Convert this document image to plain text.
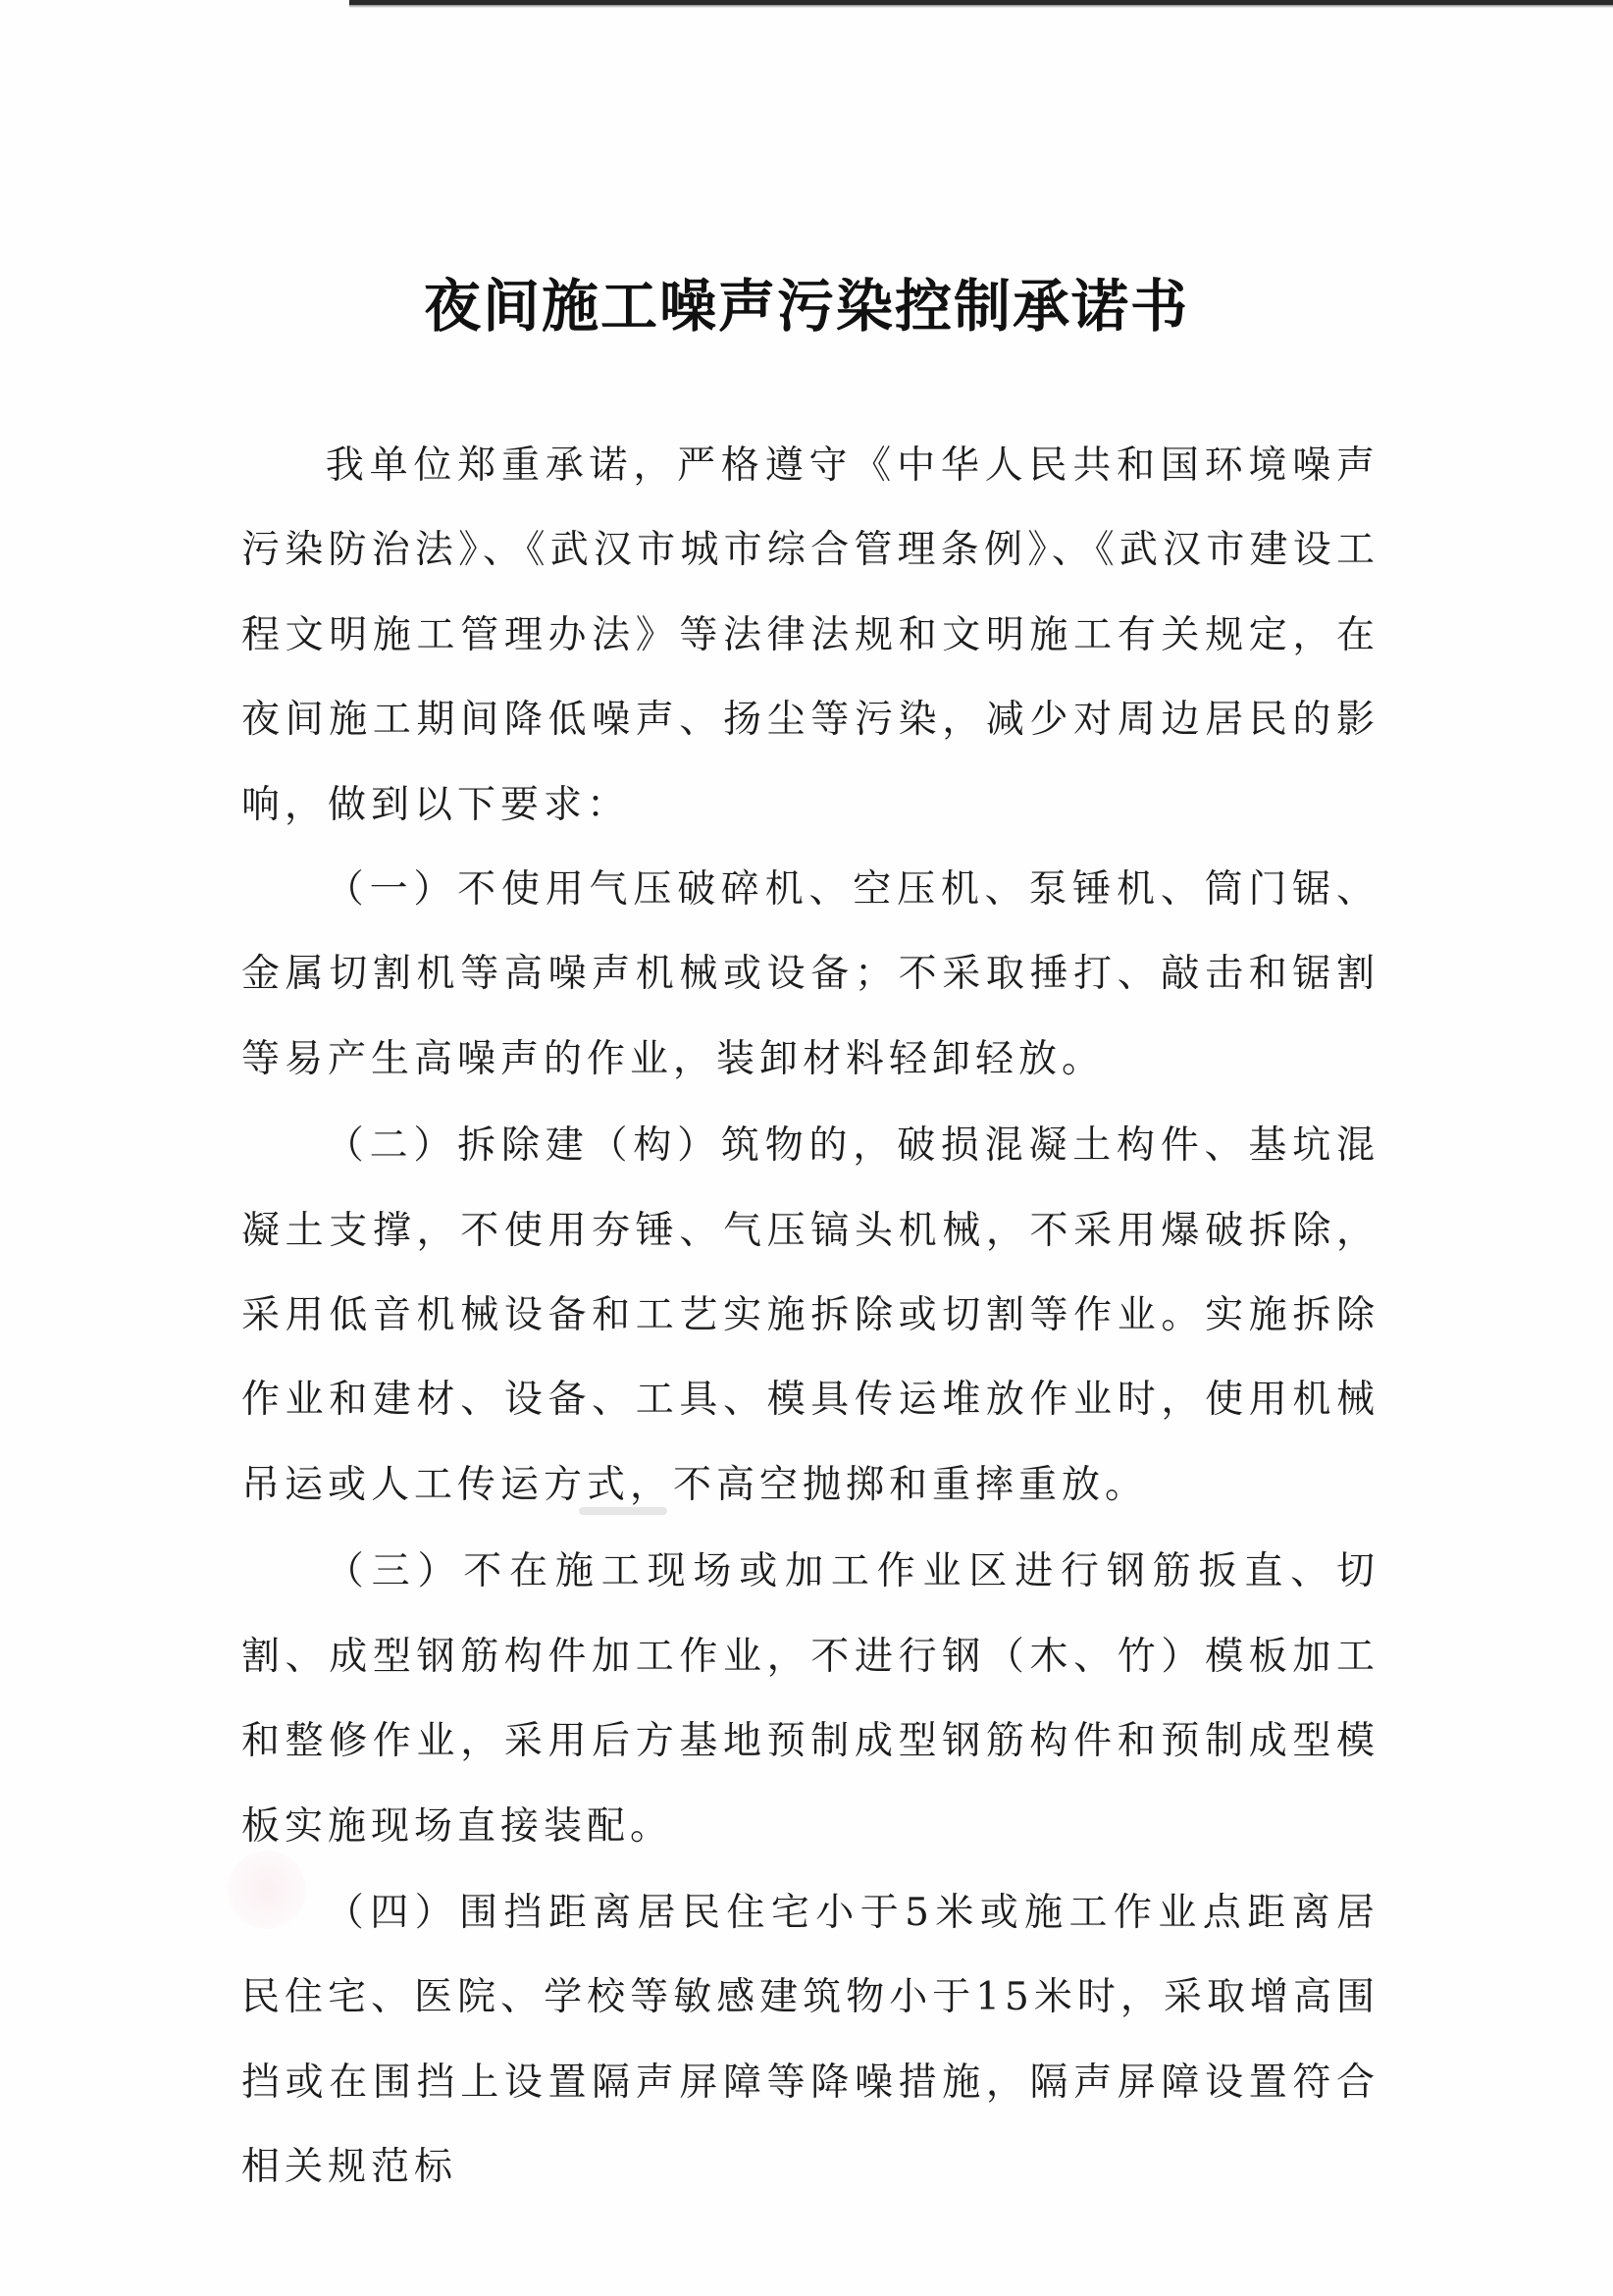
夜间施工噪声污染控制承诺书

我单位郑重承诺，严格遵守《中华人民共和国环境噪声污染防治法》、《武汉市城市综合管理条例》、《武汉市建设工程文明施工管理办法》等法律法规和文明施工有关规定，在夜间施工期间降低噪声、扬尘等污染，减少对周边居民的影响，做到以下要求：

（一）不使用气压破碎机、空压机、泵锤机、筒门锯、金属切割机等高噪声机械或设备；不采取捶打、敲击和锯割等易产生高噪声的作业，装卸材料轻卸轻放。

（二）拆除建（构）筑物的，破损混凝土构件、基坑混凝土支撑，不使用夯锤、气压镐头机械，不采用爆破拆除，采用低音机械设备和工艺实施拆除或切割等作业。实施拆除作业和建材、设备、工具、模具传运堆放作业时，使用机械吊运或人工传运方式，不高空抛掷和重摔重放。

（三）不在施工现场或加工作业区进行钢筋扳直、切割、成型钢筋构件加工作业，不进行钢（木、竹）模板加工和整修作业，采用后方基地预制成型钢筋构件和预制成型模板实施现场直接装配。

（四）围挡距离居民住宅小于5米或施工作业点距离居民住宅、医院、学校等敏感建筑物小于15米时，采取增高围挡或在围挡上设置隔声屏障等降噪措施，隔声屏障设置符合相关规范标
